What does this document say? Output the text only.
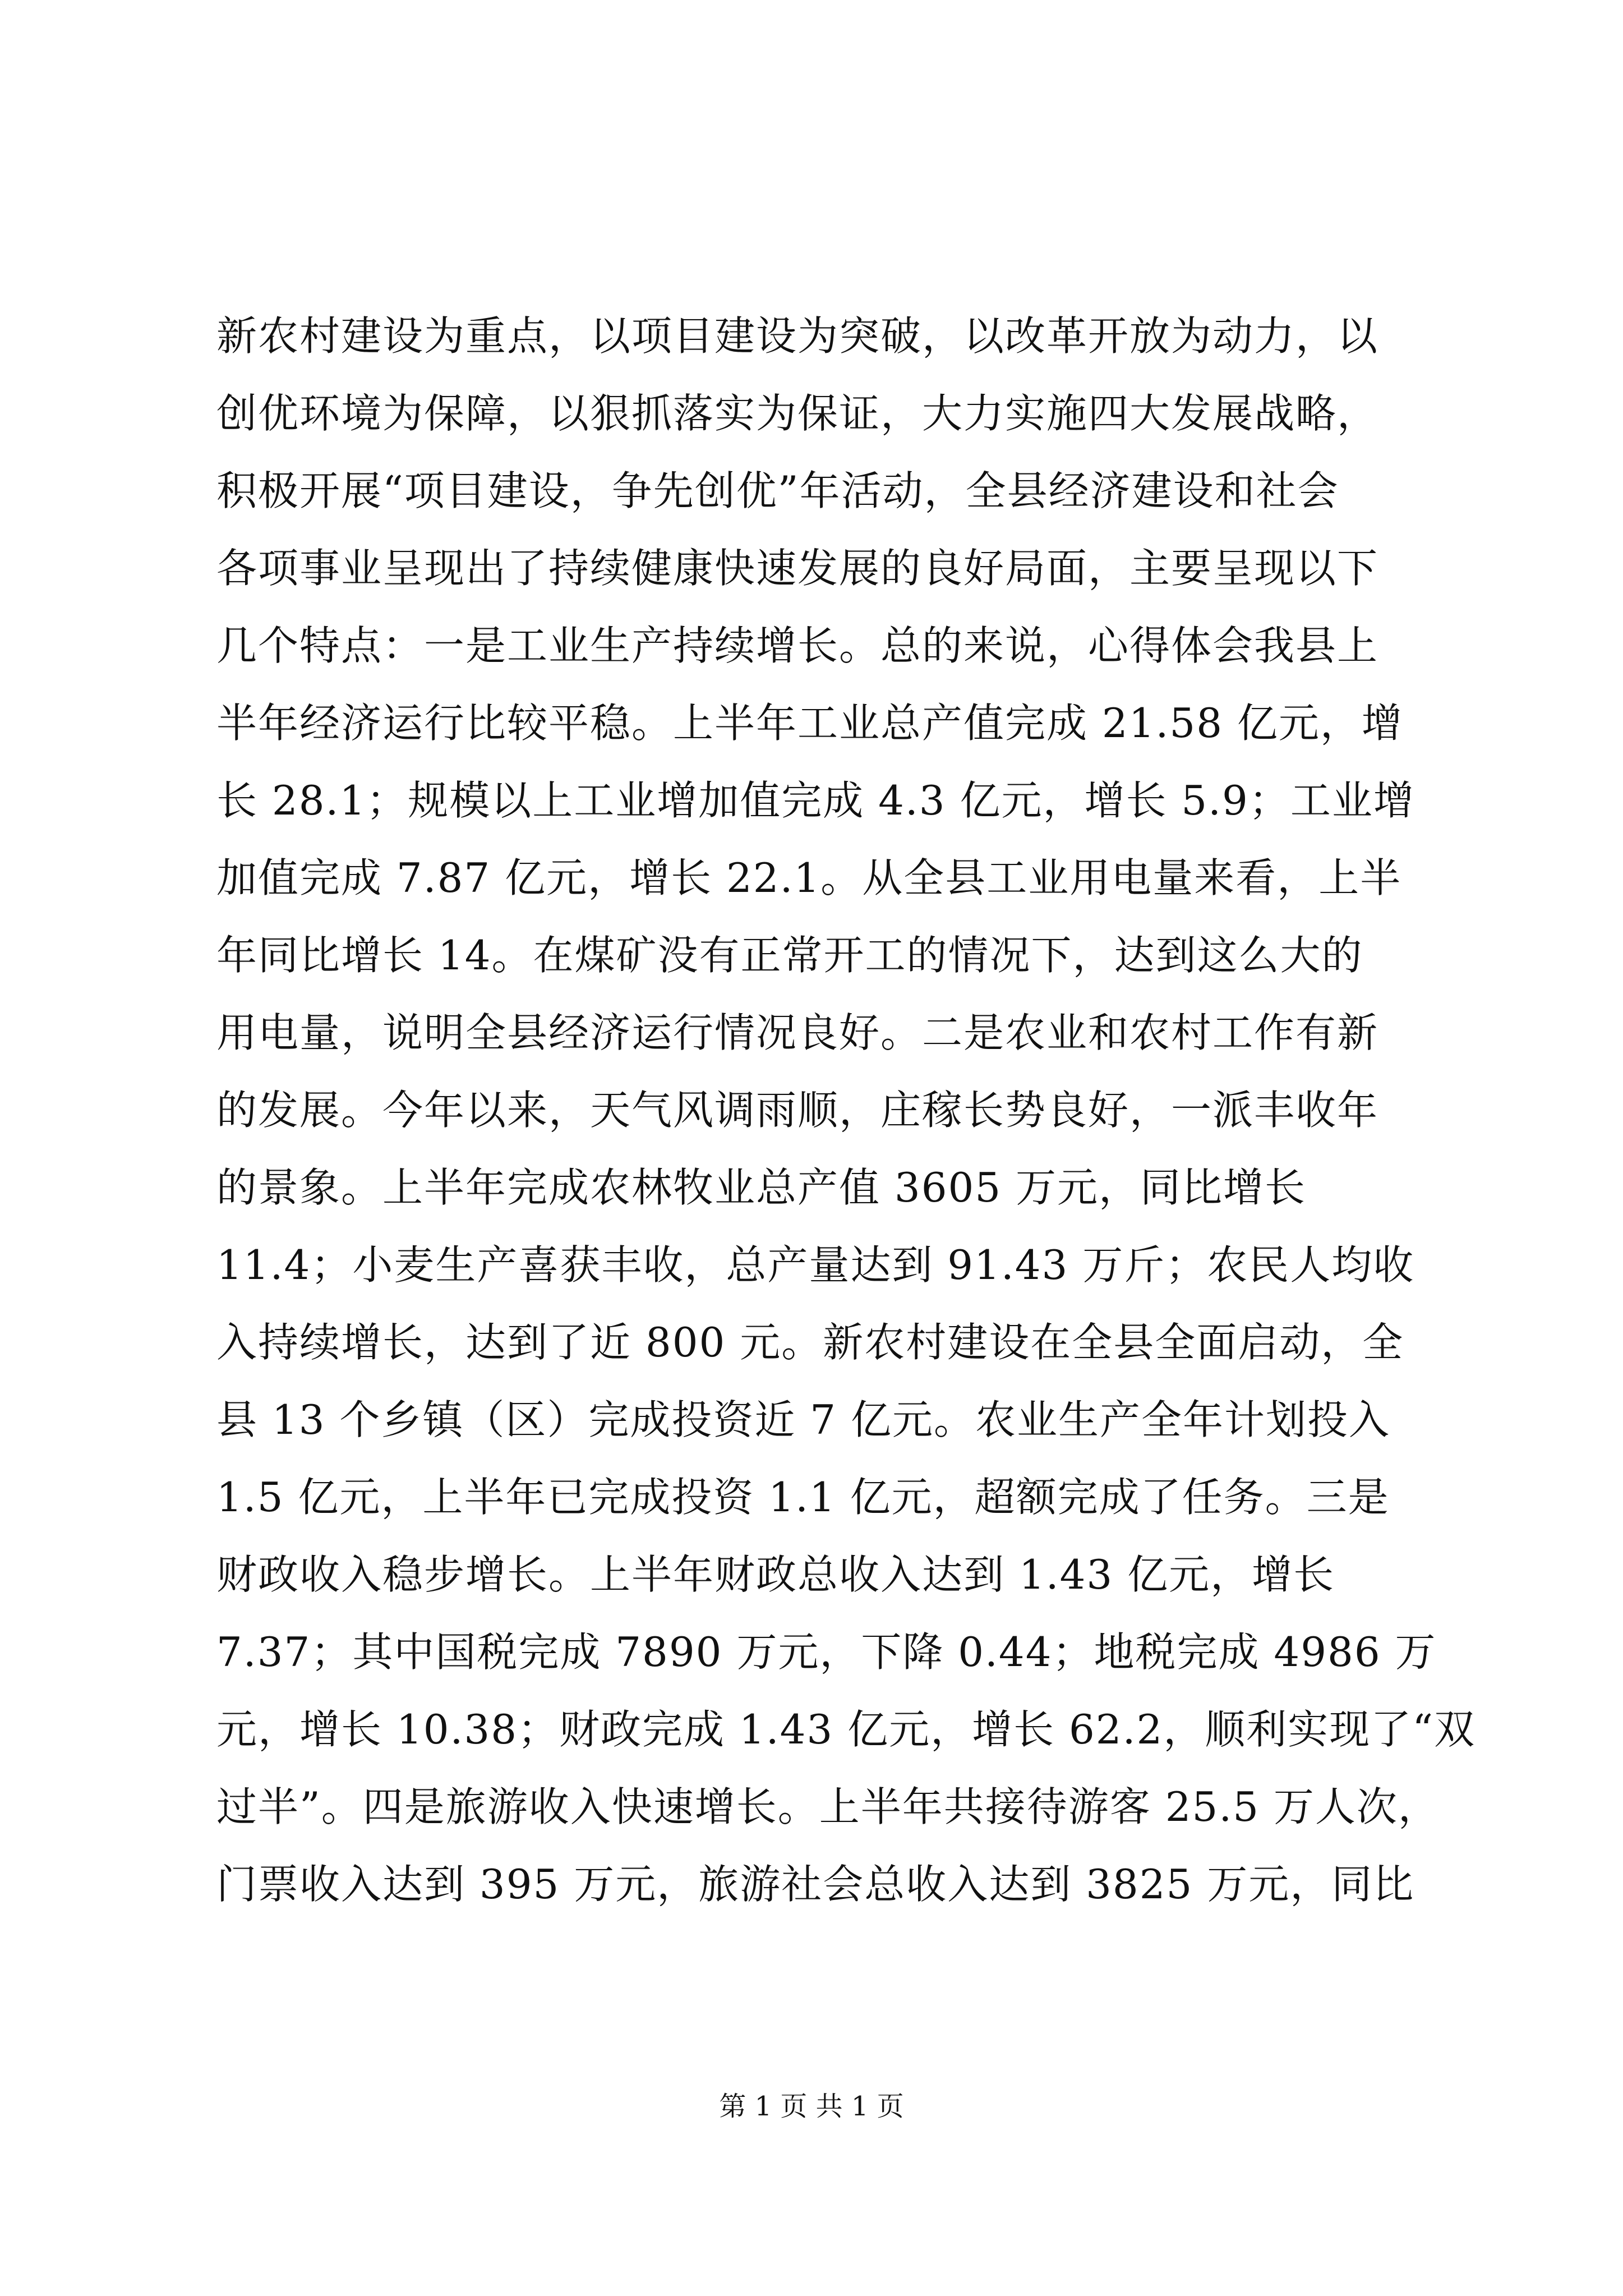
新农村建设为重点，以项目建设为突破，以改革开放为动力，以
创优环境为保障，以狠抓落实为保证，大力实施四大发展战略，
积极开展“项目建设，争先创优”年活动，全县经济建设和社会
各项事业呈现出了持续健康快速发展的良好局面，主要呈现以下
几个特点：一是工业生产持续增长。总的来说，心得体会我县上
半年经济运行比较平稳。上半年工业总产值完成 21.58 亿元，增
长 28.1；规模以上工业增加值完成 4.3 亿元，增长 5.9；工业增
加值完成 7.87 亿元，增长 22.1。从全县工业用电量来看，上半
年同比增长 14。在煤矿没有正常开工的情况下，达到这么大的
用电量，说明全县经济运行情况良好。二是农业和农村工作有新
的发展。今年以来，天气风调雨顺，庄稼长势良好，一派丰收年
的景象。上半年完成农林牧业总产值 3605 万元，同比增长
11.4；小麦生产喜获丰收，总产量达到 91.43 万斤；农民人均收
入持续增长，达到了近 800 元。新农村建设在全县全面启动，全
县 13 个乡镇（区）完成投资近 7 亿元。农业生产全年计划投入
1.5 亿元，上半年已完成投资 1.1 亿元，超额完成了任务。三是
财政收入稳步增长。上半年财政总收入达到 1.43 亿元，增长
7.37；其中国税完成 7890 万元，下降 0.44；地税完成 4986 万
元，增长 10.38；财政完成 1.43 亿元，增长 62.2，顺利实现了“双
过半”。四是旅游收入快速增长。上半年共接待游客 25.5 万人次，
门票收入达到 395 万元，旅游社会总收入达到 3825 万元，同比
第 1 页 共 1 页
